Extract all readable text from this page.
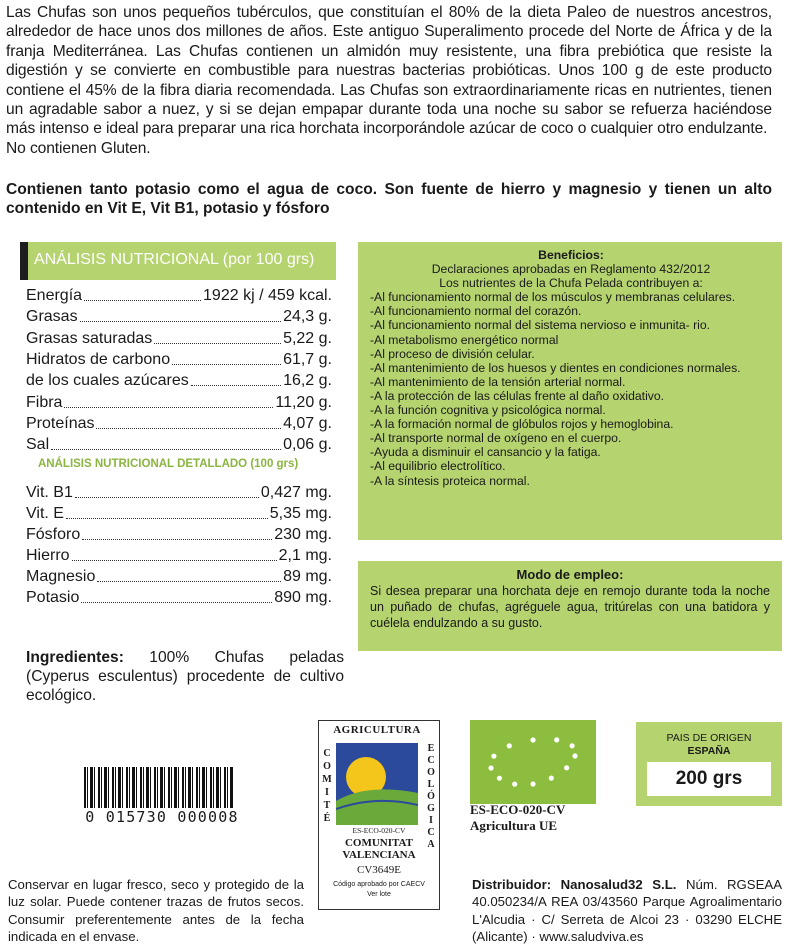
Las Chufas son unos pequeños tubérculos, que constituían el 80% de la dieta Paleo de nuestros ancestros, alrededor de hace unos dos millones de años. Este antiguo Superalimento procede del Norte de África y de la franja Mediterránea. Las Chufas contienen un almidón muy resistente, una fibra prebiótica que resiste la digestión y se convierte en combustible para nuestras bacterias probióticas. Unos 100 g de este producto contiene el 45% de la fibra diaria recomendada. Las Chufas son extraordinariamente ricas en nutrientes, tienen un agradable sabor a nuez, y si se dejan empapar durante toda una noche su sabor se refuerza haciéndose más intenso e ideal para preparar una rica horchata incorporándole azúcar de coco o cualquier otro endulzante.
No contienen Gluten.

Contienen tanto potasio como el agua de coco. Son fuente de hierro y magnesio y tienen un alto contenido en Vit E, Vit B1, potasio y fósforo

ANÁLISIS NUTRICIONAL (por 100 grs)
Energía	1922 kj / 459 kcal.
Grasas	24,3 g.
Grasas saturadas	5,22 g.
Hidratos de carbono	61,7 g.
de los cuales azúcares	16,2 g.
Fibra	11,20 g.
Proteínas	4,07 g.
Sal	0,06 g.
ANÁLISIS NUTRICIONAL DETALLADO (100 grs)
Vit. B1	0,427 mg.
Vit. E	5,35 mg.
Fósforo	230 mg.
Hierro	2,1 mg.
Magnesio	89 mg.
Potasio	890 mg.
Beneficios:
Declaraciones aprobadas en Reglamento 432/2012
Los nutrientes de la Chufa Pelada contribuyen a:
-Al funcionamiento normal de los músculos y membranas celulares.
-Al funcionamiento normal del corazón.
-Al funcionamiento normal del sistema nervioso e inmunita- rio.
-Al metabolismo energético normal
-Al proceso de división celular.
-Al mantenimiento de los huesos y dientes en condiciones normales.
-Al mantenimiento de la tensión arterial normal.
-A la protección de las células frente al daño oxidativo.
-A la función cognitiva y psicológica normal.
-A la formación normal de glóbulos rojos y hemoglobina.
-Al transporte normal de oxígeno en el cuerpo.
-Ayuda a disminuir el cansancio y la fatiga.
-Al equilibrio electrolítico.
-A la síntesis proteica normal.
Modo de empleo:
Si desea preparar una horchata deje en remojo durante toda la noche un puñado de chufas, agréguele agua, tritúrelas con una batidora y cuélela endulzando a su gusto.

Ingredientes: 100% Chufas peladas (Cyperus esculentus) procedente de cultivo ecológico.

0 015730 000008
AGRICULTURA
C
O
M
I
T
É
E
C
O
L
Ó
G
I
C
A
ES-ECO-020-CV
COMUNITAT
VALENCIANA
CV3649E
Código aprobado por CAECV
Ver lote
ES-ECO-020-CV
Agricultura UE
PAIS DE ORIGEN
ESPAÑA
200 grs

Conservar en lugar fresco, seco y protegido de la luz solar. Puede contener trazas de frutos secos. Consumir preferentemente antes de la fecha indicada en el envase.

Distribuidor: Nanosalud32 S.L. Núm. RGSEAA 40.050234/A REA 03/43560 Parque Agroalimentario L'Alcudia · C/ Serreta de Alcoi 23 · 03290 ELCHE (Alicante) · www.saludviva.es
